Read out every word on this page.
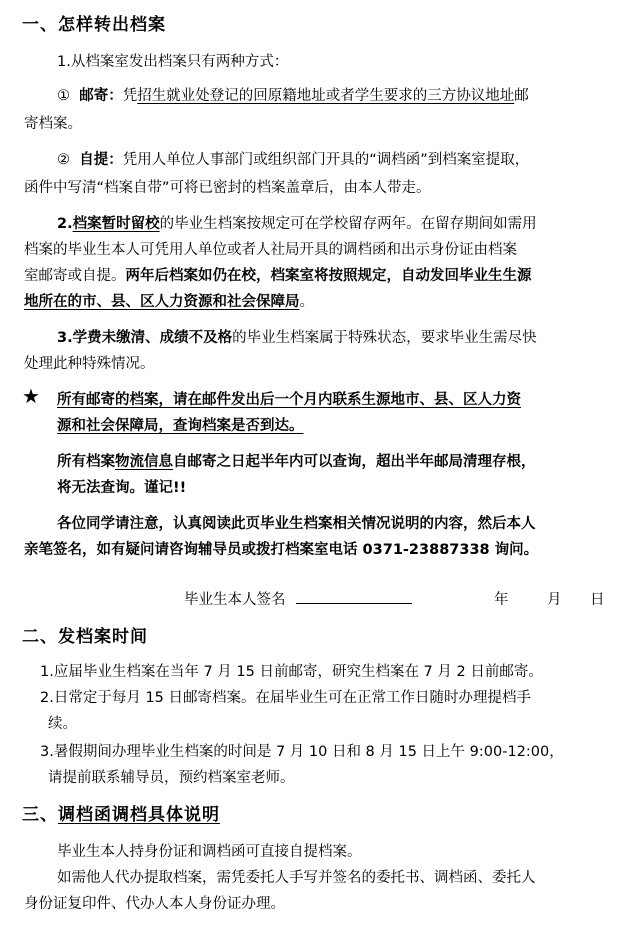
一、怎样转出档案
1.从档案室发出档案只有两种方式：
① 邮寄：凭招生就业处登记的回原籍地址或者学生要求的三方协议地址邮
寄档案。
② 自提：凭用人单位人事部门或组织部门开具的“调档函”到档案室提取，
函件中写清“档案自带”可将已密封的档案盖章后，由本人带走。
2.档案暂时留校的毕业生档案按规定可在学校留存两年。在留存期间如需用
档案的毕业生本人可凭用人单位或者人社局开具的调档函和出示身份证由档案
室邮寄或自提。两年后档案如仍在校，档案室将按照规定，自动发回毕业生生源
地所在的市、县、区人力资源和社会保障局。
3.学费未缴清、成绩不及格的毕业生档案属于特殊状态，要求毕业生需尽快
处理此种特殊情况。
★ 所有邮寄的档案，请在邮件发出后一个月内联系生源地市、县、区人力资
源和社会保障局，查询档案是否到达。
所有档案物流信息自邮寄之日起半年内可以查询，超出半年邮局清理存根，
将无法查询。谨记!!
各位同学请注意，认真阅读此页毕业生档案相关情况说明的内容，然后本人
亲笔签名，如有疑问请咨询辅导员或拨打档案室电话 0371-23887338 询问。
毕业生本人签名	年	月 日
二、发档案时间
1.应届毕业生档案在当年 7 月 15 日前邮寄，研究生档案在 7 月 2 日前邮寄。
2.日常定于每月 15 日邮寄档案。在届毕业生可在正常工作日随时办理提档手
续。
3.暑假期间办理毕业生档案的时间是 7 月 10 日和 8 月 15 日上午 9:00-12:00，
请提前联系辅导员，预约档案室老师。
三、调档函调档具体说明
毕业生本人持身份证和调档函可直接自提档案。
如需他人代办提取档案，需凭委托人手写并签名的委托书、调档函、委托人
身份证复印件、代办人本人身份证办理。
